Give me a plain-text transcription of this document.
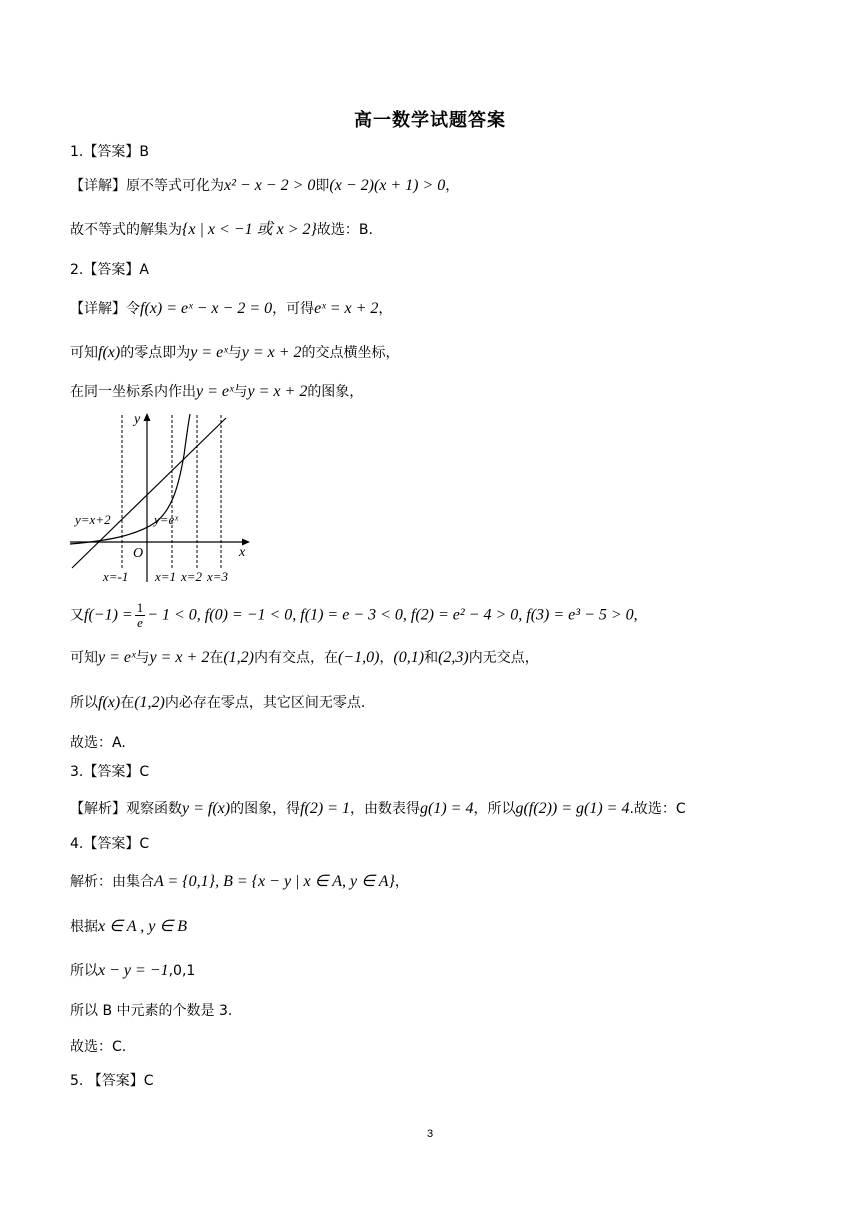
高一数学试题答案
1.【答案】B
【详解】原不等式可化为x² − x − 2 > 0即(x − 2)(x + 1) > 0，
故不等式的解集为{x | x < −1 或 x > 2}故选：B.
2.【答案】A
【详解】令f(x) = eˣ − x − 2 = 0，可得eˣ = x + 2，
可知f(x)的零点即为y = eˣ与y = x + 2的交点横坐标，
在同一坐标系内作出y = eˣ与y = x + 2的图象，
y
x
O
y=x+2	y=eˣ
x=-1 x=1 x=2 x=3
又$f(-1) = \frac{1}{e} - 1 < 0$, f(0) = −1 < 0, f(1) = e − 3 < 0, f(2) = e² − 4 > 0, f(3) = e³ − 5 > 0,
可知y = eˣ与y = x + 2在(1,2)内有交点，在(−1,0)，(0,1)和(2,3)内无交点，
所以f(x)在(1,2)内必存在零点，其它区间无零点.
故选：A.
3.【答案】C
【解析】观察函数y = f(x)的图象，得f(2) = 1，由数表得g(1) = 4，所以g(f(2)) = g(1) = 4.故选：C
4.【答案】C
解析：由集合A = {0,1}, B = {x − y | x ∈ A, y ∈ A}，
根据x ∈ A , y ∈ B
所以x − y = −1,0,1
所以 B 中元素的个数是 3.
故选：C.
5. 【答案】C
3
